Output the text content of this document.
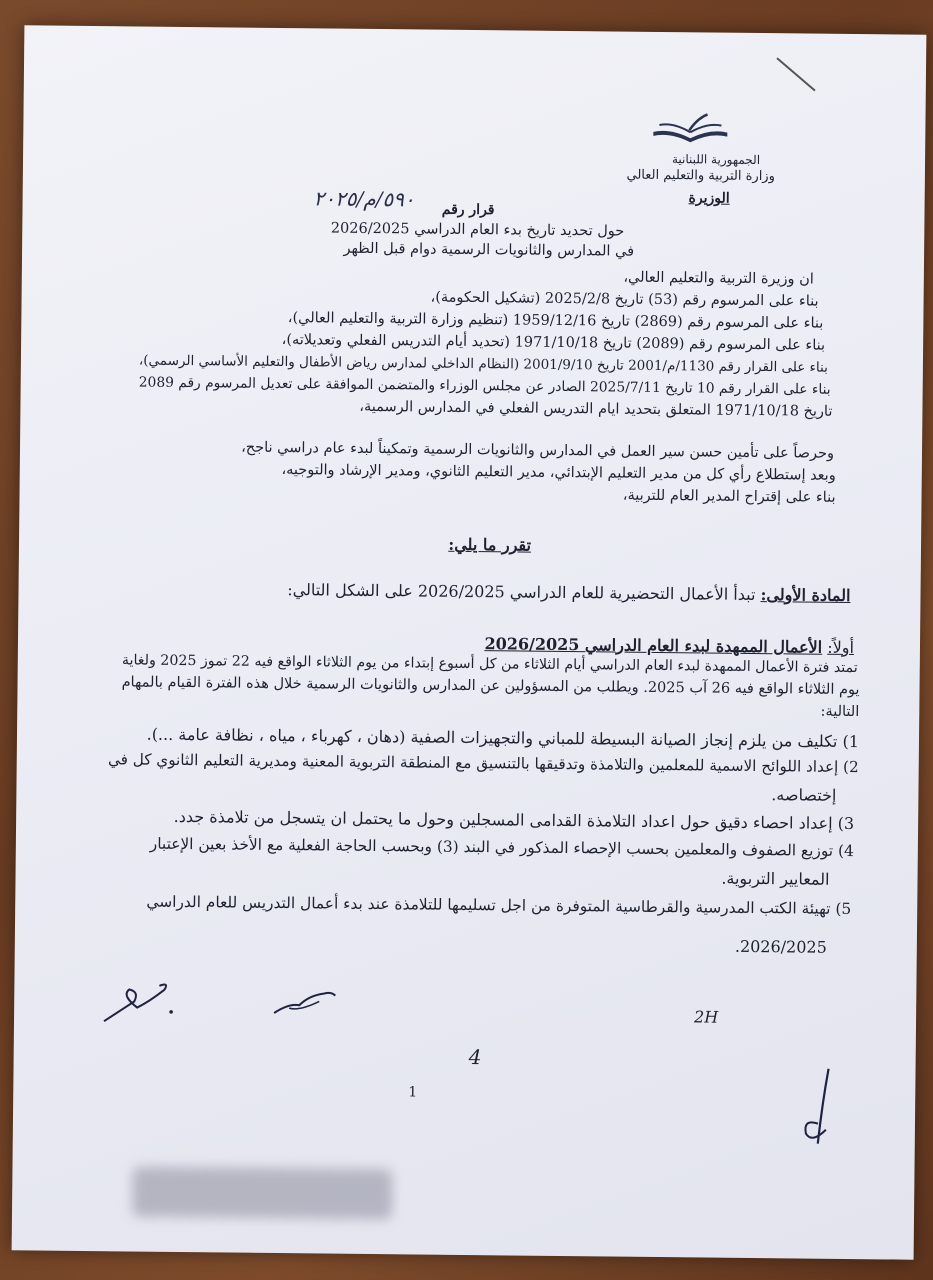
الجمهورية اللبنانية
وزارة التربية والتعليم العالي
الوزيرة
قرار رقم
٥٩٠/م/٢٠٢٥
حول تحديد تاريخ بدء العام الدراسي 2026/2025
في المدارس والثانويات الرسمية دوام قبل الظهر
ان وزيرة التربية والتعليم العالي،
بناء على المرسوم رقم (53) تاريخ 2025/2/8 (تشكيل الحكومة)،
بناء على المرسوم رقم (2869) تاريخ 1959/12/16 (تنظيم وزارة التربية والتعليم العالي)،
بناء على المرسوم رقم (2089) تاريخ 1971/10/18 (تحديد أيام التدريس الفعلي وتعديلاته)،
بناء على القرار رقم 1130/م/2001 تاريخ 2001/9/10 (النظام الداخلي لمدارس رياض الأطفال والتعليم الأساسي الرسمي)،
بناء على القرار رقم 10 تاريخ 2025/7/11 الصادر عن مجلس الوزراء والمتضمن الموافقة على تعديل المرسوم رقم 2089
تاريخ 1971/10/18 المتعلق بتحديد ايام التدريس الفعلي في المدارس الرسمية،
وحرصاً على تأمين حسن سير العمل في المدارس والثانويات الرسمية وتمكيناً لبدء عام دراسي ناجح،
وبعد إستطلاع رأي كل من مدير التعليم الإبتدائي، مدير التعليم الثانوي، ومدير الإرشاد والتوجيه،
بناء على إقتراح المدير العام للتربية،
تقرر ما يلي:
المادة الأولى: تبدأ الأعمال التحضيرية للعام الدراسي 2026/2025 على الشكل التالي:
أولاً: الأعمال الممهدة لبدء العام الدراسي 2026/2025
تمتد فترة الأعمال الممهدة لبدء العام الدراسي أيام الثلاثاء من كل أسبوع إبتداء من يوم الثلاثاء الواقع فيه 22 تموز 2025 ولغاية
يوم الثلاثاء الواقع فيه 26 آب 2025. ويطلب من المسؤولين عن المدارس والثانويات الرسمية خلال هذه الفترة القيام بالمهام
التالية:
1) تكليف من يلزم إنجاز الصيانة البسيطة للمباني والتجهيزات الصفية (دهان ، كهرباء ، مياه ، نظافة عامة ...).
2) إعداد اللوائح الاسمية للمعلمين والتلامذة وتدقيقها بالتنسيق مع المنطقة التربوية المعنية ومديرية التعليم الثانوي كل في
إختصاصه.
3) إعداد احصاء دقيق حول اعداد التلامذة القدامى المسجلين وحول ما يحتمل ان يتسجل من تلامذة جدد.
4) توزيع الصفوف والمعلمين بحسب الإحصاء المذكور في البند (3) وبحسب الحاجة الفعلية مع الأخذ بعين الإعتبار
المعايير التربوية.
5) تهيئة الكتب المدرسية والقرطاسية المتوفرة من اجل تسليمها للتلامذة عند بدء أعمال التدريس للعام الدراسي
2026/2025.
2H
4
1
